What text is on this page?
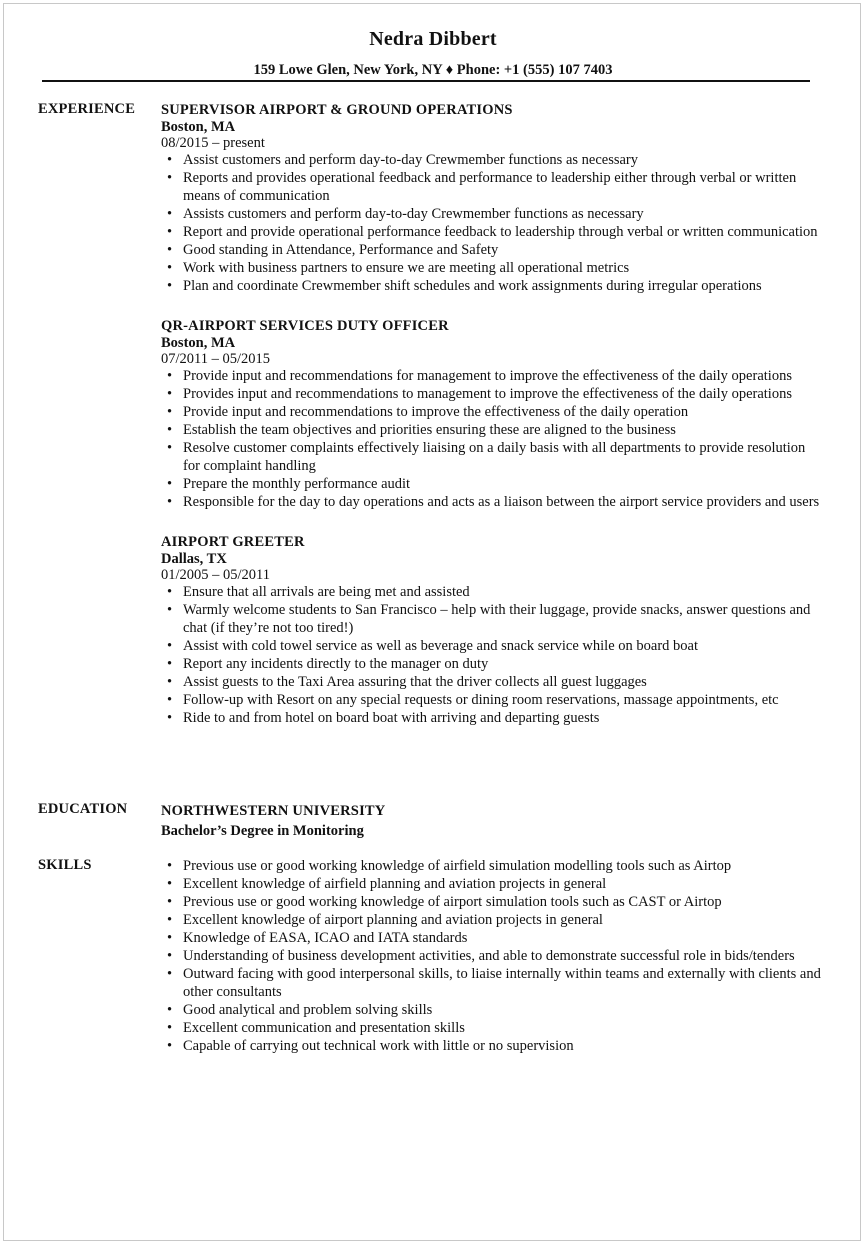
Nedra Dibbert
159 Lowe Glen, New York, NY ♦ Phone: +1 (555) 107 7403
EXPERIENCE SUPERVISOR AIRPORT & GROUND OPERATIONS
Boston, MA
08/2015 – present
• Assist customers and perform day-to-day Crewmember functions as necessary
• Reports and provides operational feedback and performance to leadership either through verbal or written means of communication
• Assists customers and perform day-to-day Crewmember functions as necessary
• Report and provide operational performance feedback to leadership through verbal or written communication
• Good standing in Attendance, Performance and Safety
• Work with business partners to ensure we are meeting all operational metrics
• Plan and coordinate Crewmember shift schedules and work assignments during irregular operations
QR-AIRPORT SERVICES DUTY OFFICER
Boston, MA
07/2011 – 05/2015
• Provide input and recommendations for management to improve the effectiveness of the daily operations
• Provides input and recommendations to management to improve the effectiveness of the daily operations
• Provide input and recommendations to improve the effectiveness of the daily operation
• Establish the team objectives and priorities ensuring these are aligned to the business
• Resolve customer complaints effectively liaising on a daily basis with all departments to provide resolution for complaint handling
• Prepare the monthly performance audit
• Responsible for the day to day operations and acts as a liaison between the airport service providers and users
AIRPORT GREETER
Dallas, TX
01/2005 – 05/2011
• Ensure that all arrivals are being met and assisted
• Warmly welcome students to San Francisco – help with their luggage, provide snacks, answer questions and chat (if they’re not too tired!)
• Assist with cold towel service as well as beverage and snack service while on board boat
• Report any incidents directly to the manager on duty
• Assist guests to the Taxi Area assuring that the driver collects all guest luggages
• Follow-up with Resort on any special requests or dining room reservations, massage appointments, etc
• Ride to and from hotel on board boat with arriving and departing guests
EDUCATION NORTHWESTERN UNIVERSITY
Bachelor’s Degree in Monitoring
SKILLS
•	Previous use or good working knowledge of airfield simulation modelling tools such as Airtop
• Excellent knowledge of airfield planning and aviation projects in general
• Previous use or good working knowledge of airport simulation tools such as CAST or Airtop
• Excellent knowledge of airport planning and aviation projects in general
• Knowledge of EASA, ICAO and IATA standards
• Understanding of business development activities, and able to demonstrate successful role in bids/tenders
• Outward facing with good interpersonal skills, to liaise internally within teams and externally with clients and other consultants
• Good analytical and problem solving skills
• Excellent communication and presentation skills
• Capable of carrying out technical work with little or no supervision
